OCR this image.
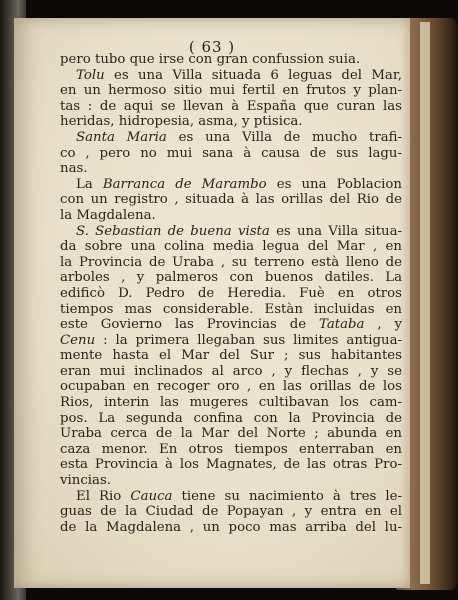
( 63 )
pero tubo que irse con gran confussion suia.
Tolu es una Villa situada 6 leguas del Mar,
en un hermoso sitio mui fertil en frutos y plan-
tas : de aqui se llevan à España que curan las
heridas, hidropesia, asma, y ptisica.
Santa Maria es una Villa de mucho trafi-
co , pero no mui sana à causa de sus lagu-
nas.
La Barranca de Marambo es una Poblacion
con un registro , situada à las orillas del Rio de
la Magdalena.
S. Sebastian de buena vista es una Villa situa-
da sobre una colina media legua del Mar , en
la Provincia de Uraba , su terreno està lleno de
arboles , y palmeros con buenos datiles. La
edificò D. Pedro de Heredia. Fuè en otros
tiempos mas considerable. Estàn incluidas en
este Govierno las Provincias de Tataba , y
Cenu : la primera llegaban sus limites antigua-
mente hasta el Mar del Sur ; sus habitantes
eran mui inclinados al arco , y flechas , y se
ocupaban en recoger oro , en las orillas de los
Rios, interin las mugeres cultibavan los cam-
pos. La segunda confina con la Provincia de
Uraba cerca de la Mar del Norte ; abunda en
caza menor. En otros tiempos enterraban en
esta Provincia à los Magnates, de las otras Pro-
vincias.
El Rio Cauca tiene su nacimiento à tres le-
guas de la Ciudad de Popayan , y entra en el
de la Magdalena , un poco mas arriba del lu-
